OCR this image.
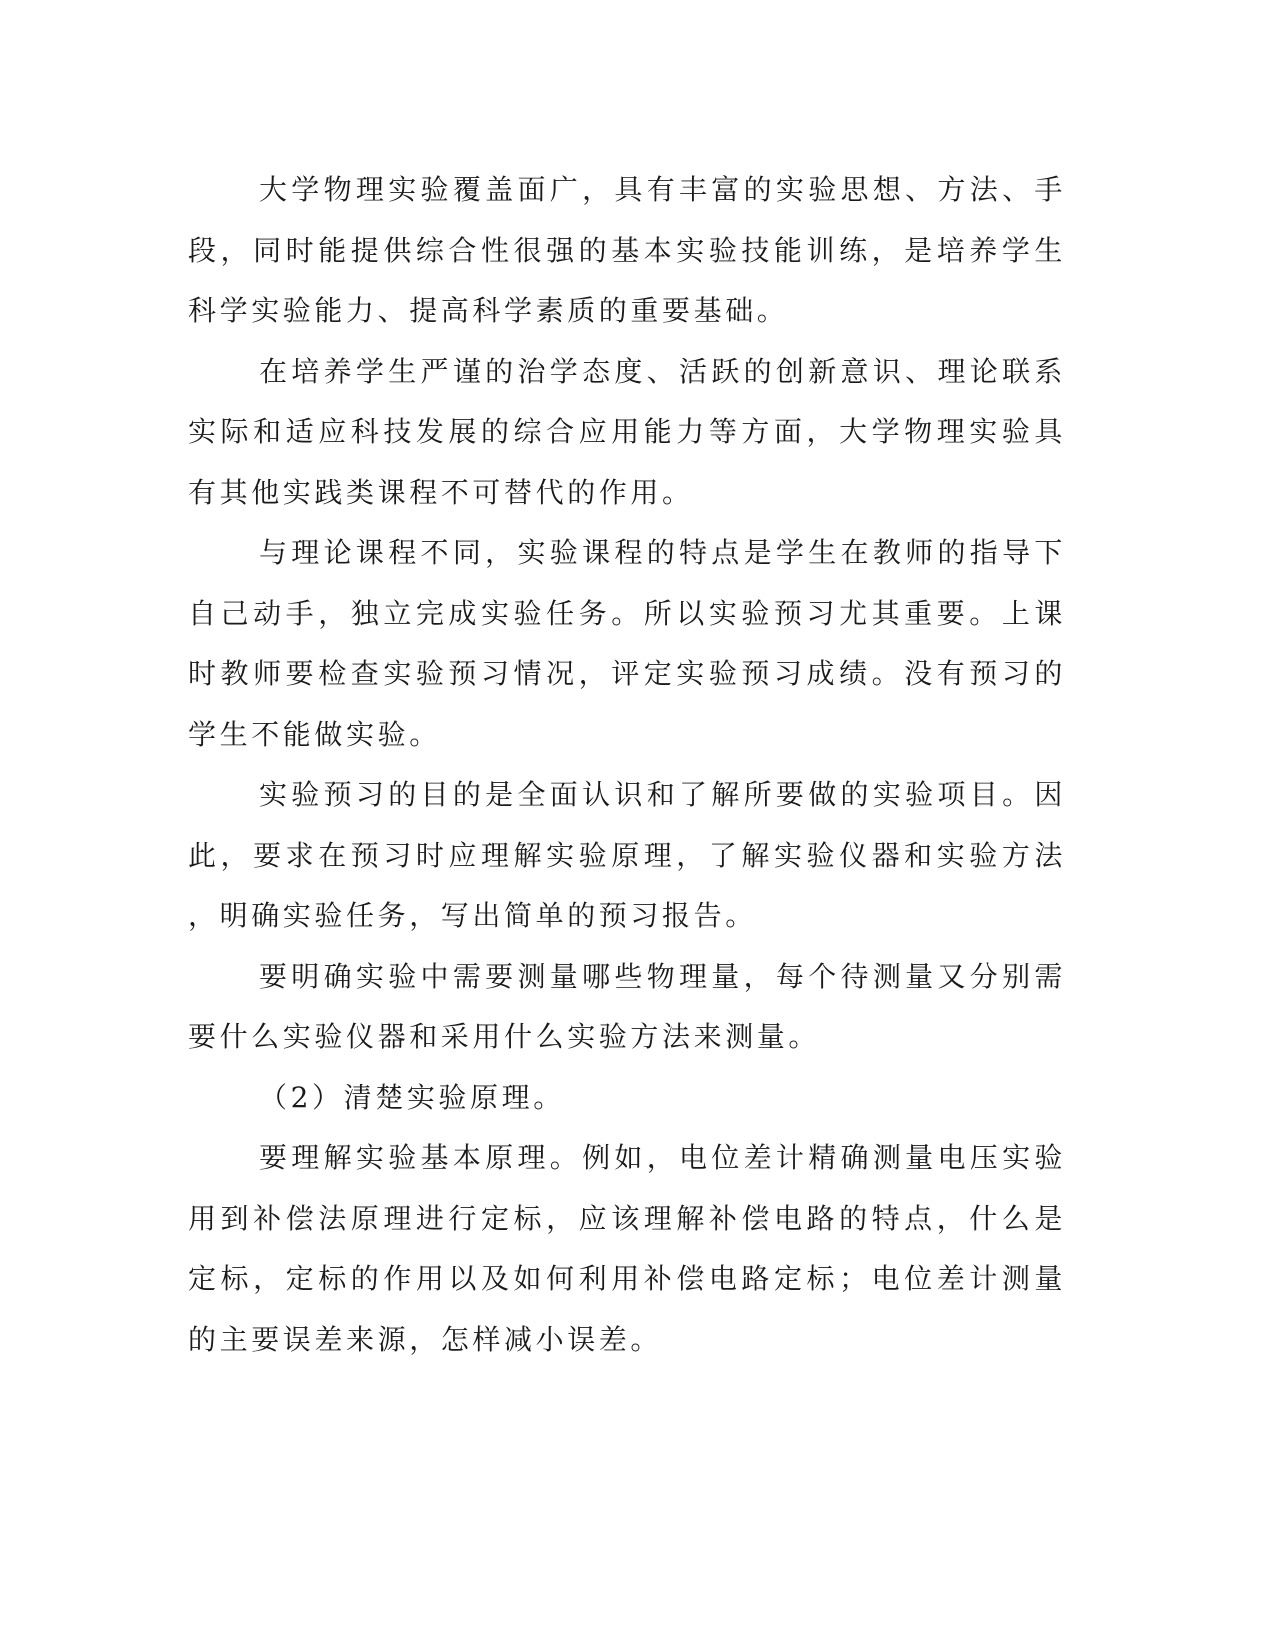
大学物理实验覆盖面广，具有丰富的实验思想、方法、手段，同时能提供综合性很强的基本实验技能训练，是培养学生科学实验能力、提高科学素质的重要基础。

在培养学生严谨的治学态度、活跃的创新意识、理论联系实际和适应科技发展的综合应用能力等方面，大学物理实验具有其他实践类课程不可替代的作用。

与理论课程不同，实验课程的特点是学生在教师的指导下自己动手，独立完成实验任务。所以实验预习尤其重要。上课时教师要检查实验预习情况，评定实验预习成绩。没有预习的学生不能做实验。

实验预习的目的是全面认识和了解所要做的实验项目。因此，要求在预习时应理解实验原理，了解实验仪器和实验方法，明确实验任务，写出简单的预习报告。

要明确实验中需要测量哪些物理量，每个待测量又分别需要什么实验仪器和采用什么实验方法来测量。

（2）清楚实验原理。

要理解实验基本原理。例如，电位差计精确测量电压实验用到补偿法原理进行定标，应该理解补偿电路的特点，什么是定标，定标的作用以及如何利用补偿电路定标；电位差计测量的主要误差来源，怎样减小误差。
